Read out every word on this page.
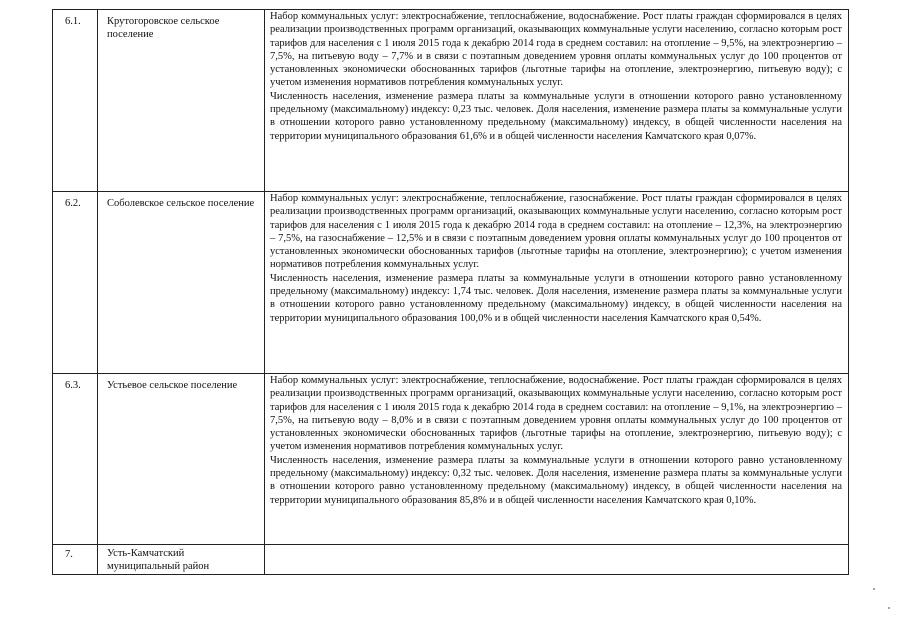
6.1.	Крутогоровское сельское поселение	Набор коммунальных услуг: электроснабжение, теплоснабжение, водоснабжение. Рост платы граждан сформировался в целях реализации производственных программ организаций, оказывающих коммунальные услуги населению, согласно которым рост тарифов для населения с 1 июля 2015 года к декабрю 2014 года в среднем составил: на отопление – 9,5%, на электроэнергию – 7,5%, на питьевую воду – 7,7% и в связи с поэтапным доведением уровня оплаты коммунальных услуг до 100 процентов от установленных экономически обоснованных тарифов (льготные тарифы на отопление, электроэнергию, питьевую воду); с учетом изменения нормативов потребления коммунальных услуг.
Численность населения, изменение размера платы за коммунальные услуги в отношении которого равно установленному предельному (максимальному) индексу: 0,23 тыс. человек. Доля населения, изменение размера платы за коммунальные услуги в отношении которого равно установленному предельному (максимальному) индексу, в общей численности населения на территории муниципального образования 61,6% и в общей численности населения Камчатского края 0,07%.

6.2.	Соболевское сельское поселение	Набор коммунальных услуг: электроснабжение, теплоснабжение, газоснабжение. Рост платы граждан сформировался в целях реализации производственных программ организаций, оказывающих коммунальные услуги населению, согласно которым рост тарифов для населения с 1 июля 2015 года к декабрю 2014 года в среднем составил: на отопление – 12,3%, на электроэнергию – 7,5%, на газоснабжение – 12,5% и в связи с поэтапным доведением уровня оплаты коммунальных услуг до 100 процентов от установленных экономически обоснованных тарифов (льготные тарифы на отопление, электроэнергию); с учетом изменения нормативов потребления коммунальных услуг.
Численность населения, изменение размера платы за коммунальные услуги в отношении которого равно установленному предельному (максимальному) индексу: 1,74 тыс. человек. Доля населения, изменение размера платы за коммунальные услуги в отношении которого равно установленному предельному (максимальному) индексу, в общей численности населения на территории муниципального образования 100,0% и в общей численности населения Камчатского края 0,54%.

6.3.	Устьевое сельское поселение	Набор коммунальных услуг: электроснабжение, теплоснабжение, водоснабжение. Рост платы граждан сформировался в целях реализации производственных программ организаций, оказывающих коммунальные услуги населению, согласно которым рост тарифов для населения с 1 июля 2015 года к декабрю 2014 года в среднем составил: на отопление – 9,1%, на электроэнергию – 7,5%, на питьевую воду – 8,0% и в связи с поэтапным доведением уровня оплаты коммунальных услуг до 100 процентов от установленных экономически обоснованных тарифов (льготные тарифы на отопление, электроэнергию, питьевую воду); с учетом изменения нормативов потребления коммунальных услуг.
Численность населения, изменение размера платы за коммунальные услуги в отношении которого равно установленному предельному (максимальному) индексу: 0,32 тыс. человек. Доля населения, изменение размера платы за коммунальные услуги в отношении которого равно установленному предельному (максимальному) индексу, в общей численности населения на территории муниципального образования 85,8% и в общей численности населения Камчатского края 0,10%.

7.	Усть-Камчатский муниципальный район	
